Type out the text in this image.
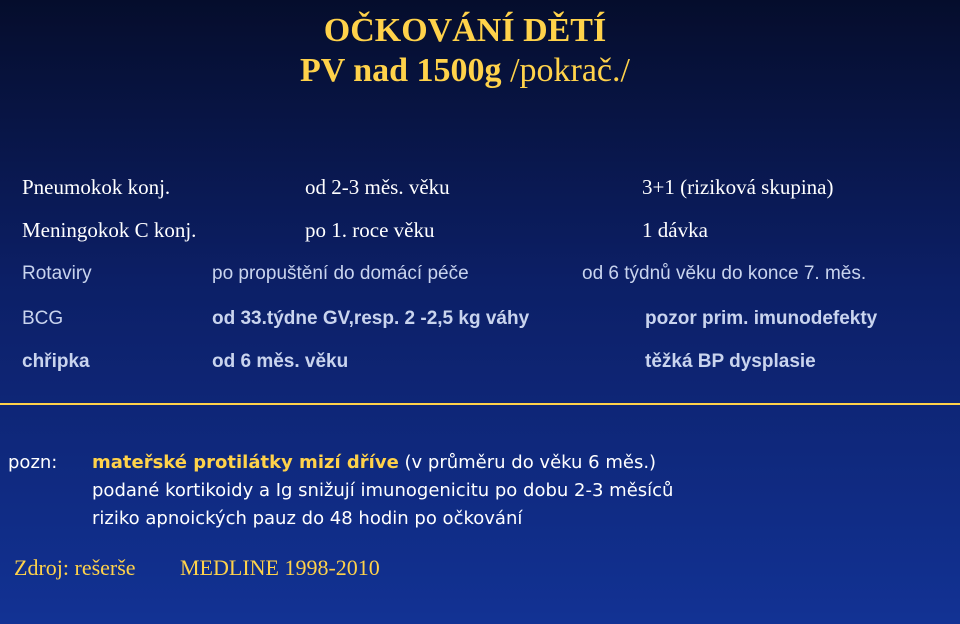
OČKOVÁNÍ DĚTÍ
PV nad 1500g /pokrač./
Pneumokok konj.	od 2-3 měs. věku	3+1 (riziková skupina)
Meningokok C konj.	po 1. roce věku	1 dávka
Rotaviry	po propuštění do domácí péče	od 6 týdnů věku do konce 7. měs.
BCG	od 33.týdne GV,resp. 2 -2,5 kg váhy	pozor prim. imunodefekty
chřipka	od 6 měs. věku	těžká BP dysplasie
pozn: mateřské protilátky mizí dříve (v průměru do věku 6 měs.)
podané kortikoidy a Ig snižují imunogenicitu po dobu 2-3 měsíců
riziko apnoických pauz do 48 hodin po očkování
Zdroj: rešerše MEDLINE 1998-2010
